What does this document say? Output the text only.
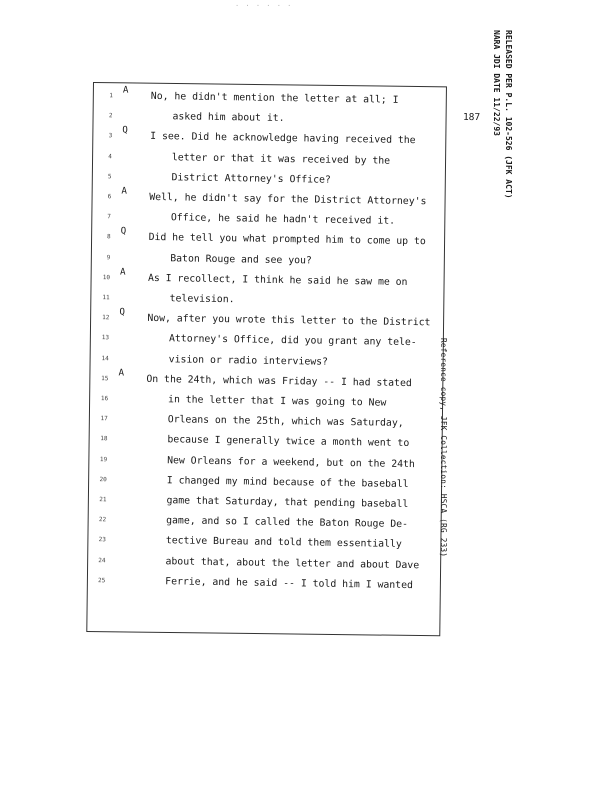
· · · · · ·
RELEASED PER P.L. 102-526 (JFK ACT)
NARA JDI DATE 11/22/93
187
1
A
No, he didn't mention the letter at all; I
2	asked him about it.
3
Q
I see. Did he acknowledge having received the
4	letter or that it was received by the
5	District Attorney's Office?
6
A
Well, he didn't say for the District Attorney's
7	Office, he said he hadn't received it.
8
Q
Did he tell you what prompted him to come up to
9	Baton Rouge and see you?
10
A
As I recollect, I think he said he saw me on
11	television.
12
Q
Now, after you wrote this letter to the District
13	Attorney's Office, did you grant any tele-
14	vision or radio interviews?
15
A
On the 24th, which was Friday -- I had stated
16	in the letter that I was going to New
17	Orleans on the 25th, which was Saturday,
18	because I generally twice a month went to
19	New Orleans for a weekend, but on the 24th
20	I changed my mind because of the baseball
21	game that Saturday, that pending baseball
22	game, and so I called the Baton Rouge De-
23	tective Bureau and told them essentially
24	about that, about the letter and about Dave
25	Ferrie, and he said -- I told him I wanted
Reference copy, JFK Collection: HSCA (RG 233)
